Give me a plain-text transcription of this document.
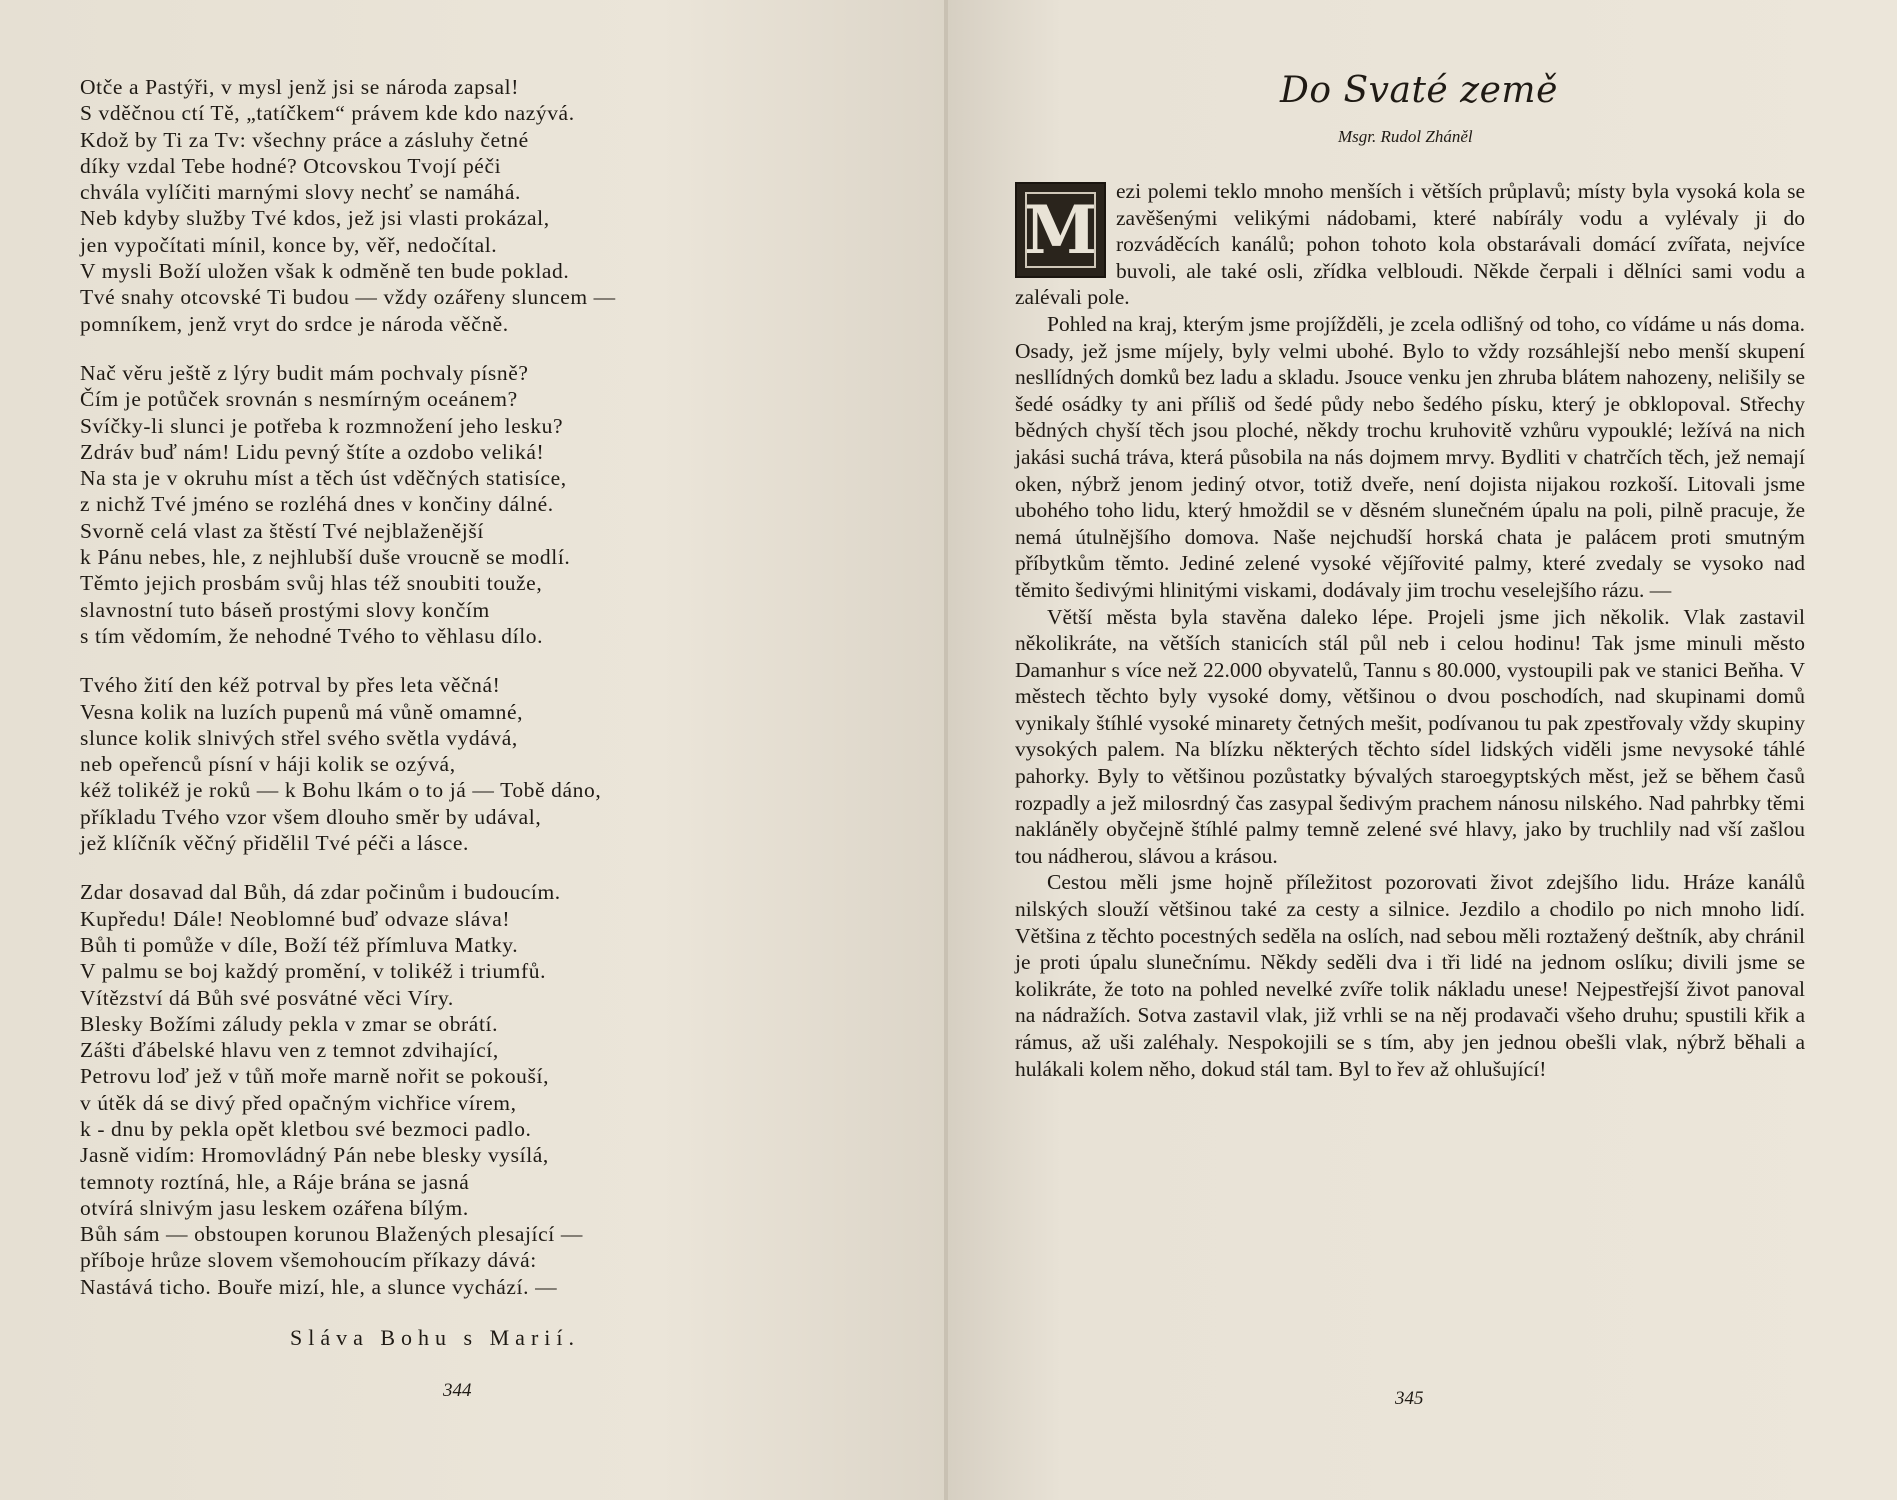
Otče a Pastýři, v mysl jenž jsi se národa zapsal!
S vděčnou ctí Tě, „tatíčkem“ právem kde kdo nazývá.
Kdož by Ti za Tv: všechny práce a zásluhy četné
díky vzdal Tebe hodné? Otcovskou Tvojí péči
chvála vylíčiti marnými slovy nechť se namáhá.
Neb kdyby služby Tvé kdos, jež jsi vlasti prokázal,
jen vypočítati mínil, konce by, věř, nedočítal.
V mysli Boží uložen však k odměně ten bude poklad.
Tvé snahy otcovské Ti budou — vždy ozářeny sluncem —
pomníkem, jenž vryt do srdce je národa věčně.
Nač věru ještě z lýry budit mám pochvaly písně?
Čím je potůček srovnán s nesmírným oceánem?
Svíčky-li slunci je potřeba k rozmnožení jeho lesku?
Zdráv buď nám! Lidu pevný štíte a ozdobo veliká!
Na sta je v okruhu míst a těch úst vděčných statisíce,
z nichž Tvé jméno se rozléhá dnes v končiny dálné.
Svorně celá vlast za štěstí Tvé nejblaženější
k Pánu nebes, hle, z nejhlubší duše vroucně se modlí.
Těmto jejich prosbám svůj hlas též snoubiti touže,
slavnostní tuto báseň prostými slovy končím
s tím vědomím, že nehodné Tvého to věhlasu dílo.
Tvého žití den kéž potrval by přes leta věčná!
Vesna kolik na luzích pupenů má vůně omamné,
slunce kolik slnivých střel svého světla vydává,
neb opeřenců písní v háji kolik se ozývá,
kéž tolikéž je roků — k Bohu lkám o to já — Tobě dáno,
příkladu Tvého vzor všem dlouho směr by udával,
jež klíčník věčný přidělil Tvé péči a lásce.
Zdar dosavad dal Bůh, dá zdar počinům i budoucím.
Kupředu! Dále! Neoblomné buď odvaze sláva!
Bůh ti pomůže v díle, Boží též přímluva Matky.
V palmu se boj každý promění, v tolikéž i triumfů.
Vítězství dá Bůh své posvátné věci Víry.
Blesky Božími záludy pekla v zmar se obrátí.
Zášti ďábelské hlavu ven z temnot zdvihající,
Petrovu loď jež v tůň moře marně nořit se pokouší,
v útěk dá se divý před opačným vichřice vírem,
k - dnu by pekla opět kletbou své bezmoci padlo.
Jasně vidím: Hromovládný Pán nebe blesky vysílá,
temnoty roztíná, hle, a Ráje brána se jasná
otvírá slnivým jasu leskem ozářena bílým.
Bůh sám — obstoupen korunou Blažených plesající —
příboje hrůze slovem všemohoucím příkazy dává:
Nastává ticho. Bouře mizí, hle, a slunce vychází. —
Sláva Bohu s Marií.
344
Do Svaté země
Msgr. Rudol Zháněl
M ezi polemi teklo mnoho menších i větších průplavů; místy byla vysoká kola se zavěšenými velikými nádobami, které nabírály vodu a vylévaly ji do rozváděcích kanálů; pohon tohoto kola obstarávali domácí zvířata, nejvíce buvoli, ale také osli, zřídka velbloudi. Někde čerpali i dělníci sami vodu a zalévali pole.

Pohled na kraj, kterým jsme projížděli, je zcela odlišný od toho, co vídáme u nás doma. Osady, jež jsme míjely, byly velmi ubohé. Bylo to vždy rozsáhlejší nebo menší skupení nesllídných domků bez ladu a skladu. Jsouce venku jen zhruba blátem nahozeny, nelišily se šedé osádky ty ani příliš od šedé půdy nebo šedého písku, který je obklopoval. Střechy bědných chyší těch jsou ploché, někdy trochu kruhovitě vzhůru vypouklé; ležívá na nich jakási suchá tráva, která působila na nás dojmem mrvy. Bydliti v chatrčích těch, jež nemají oken, nýbrž jenom jediný otvor, totiž dveře, není dojista nijakou rozkoší. Litovali jsme ubohého toho lidu, který hmoždil se v děsném slunečném úpalu na poli, pilně pracuje, že nemá útulnějšího domova. Naše nejchudší horská chata je palácem proti smutným příbytkům těmto. Jediné zelené vysoké vějířovité palmy, které zvedaly se vysoko nad těmito šedivými hlinitými viskami, dodávaly jim trochu veselejšího rázu. —

Větší města byla stavěna daleko lépe. Projeli jsme jich několik. Vlak zastavil několikráte, na větších stanicích stál půl neb i celou hodinu! Tak jsme minuli město Damanhur s více než 22.000 obyvatelů, Tannu s 80.000, vystoupili pak ve stanici Beňha. V městech těchto byly vysoké domy, většinou o dvou poschodích, nad skupinami domů vynikaly štíhlé vysoké minarety četných mešit, podívanou tu pak zpestřovaly vždy skupiny vysokých palem. Na blízku některých těchto sídel lidských viděli jsme nevysoké táhlé pahorky. Byly to většinou pozůstatky bývalých staroegyptských měst, jež se během časů rozpadly a jež milosrdný čas zasypal šedivým prachem nánosu nilského. Nad pahrbky těmi nakláněly obyčejně štíhlé palmy temně zelené své hlavy, jako by truchlily nad vší zašlou tou nádherou, slávou a krásou.

Cestou měli jsme hojně příležitost pozorovati život zdejšího lidu. Hráze kanálů nilských slouží většinou také za cesty a silnice. Jezdilo a chodilo po nich mnoho lidí. Většina z těchto pocestných seděla na oslích, nad sebou měli roztažený deštník, aby chránil je proti úpalu slunečnímu. Někdy seděli dva i tři lidé na jednom oslíku; divili jsme se kolikráte, že toto na pohled nevelké zvíře tolik nákladu unese! Nejpestřejší život panoval na nádražích. Sotva zastavil vlak, již vrhli se na něj prodavači všeho druhu; spustili křik a rámus, až uši zaléhaly. Nespokojili se s tím, aby jen jednou obešli vlak, nýbrž běhali a hulákali kolem něho, dokud stál tam. Byl to řev až ohlušující!

345
